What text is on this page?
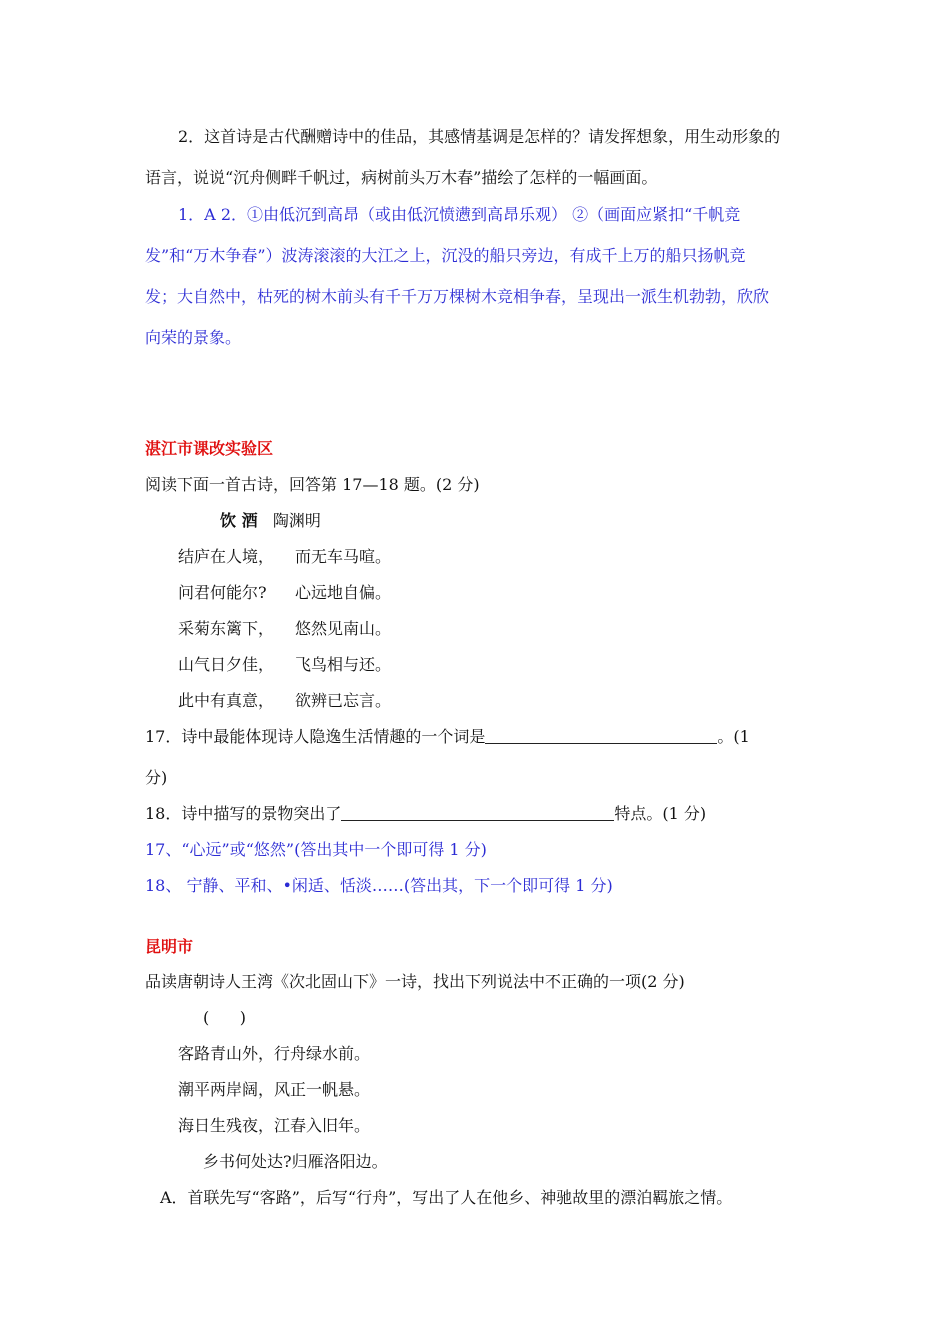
2．这首诗是古代酬赠诗中的佳品，其感情基调是怎样的？请发挥想象，用生动形象的
语言，说说“沉舟侧畔千帆过，病树前头万木春”描绘了怎样的一幅画面。
1．A 2．①由低沉到高昂（或由低沉愤懑到高昂乐观） ②（画面应紧扣“千帆竞
发”和“万木争春”）波涛滚滚的大江之上，沉没的船只旁边，有成千上万的船只扬帆竞
发；大自然中，枯死的树木前头有千千万万棵树木竞相争春，呈现出一派生机勃勃，欣欣
向荣的景象。
湛江市课改实验区
阅读下面一首古诗，回答第 17—18 题。(2 分)
饮 酒 陶渊明
结庐在人境， 而无车马喧。
问君何能尔? 心远地自偏。
采菊东篱下， 悠然见南山。
山气日夕佳， 飞鸟相与还。
此中有真意， 欲辨已忘言。
17．诗中最能体现诗人隐逸生活情趣的一个词是	。(1
分)
18．诗中描写的景物突出了	特点。(1 分)
17、“心远”或“悠然”(答出其中一个即可得 1 分)
18、 宁静、平和、•闲适、恬淡……(答出其，下一个即可得 1 分)
昆明市
品读唐朝诗人王湾《次北固山下》一诗，找出下列说法中不正确的一项(2 分)
(      )
客路青山外，行舟绿水前。
潮平两岸阔，风正一帆悬。
海日生残夜，江春入旧年。
乡书何处达?归雁洛阳边。
A．首联先写“客路”，后写“行舟”，写出了人在他乡、神驰故里的漂泊羁旅之情。
